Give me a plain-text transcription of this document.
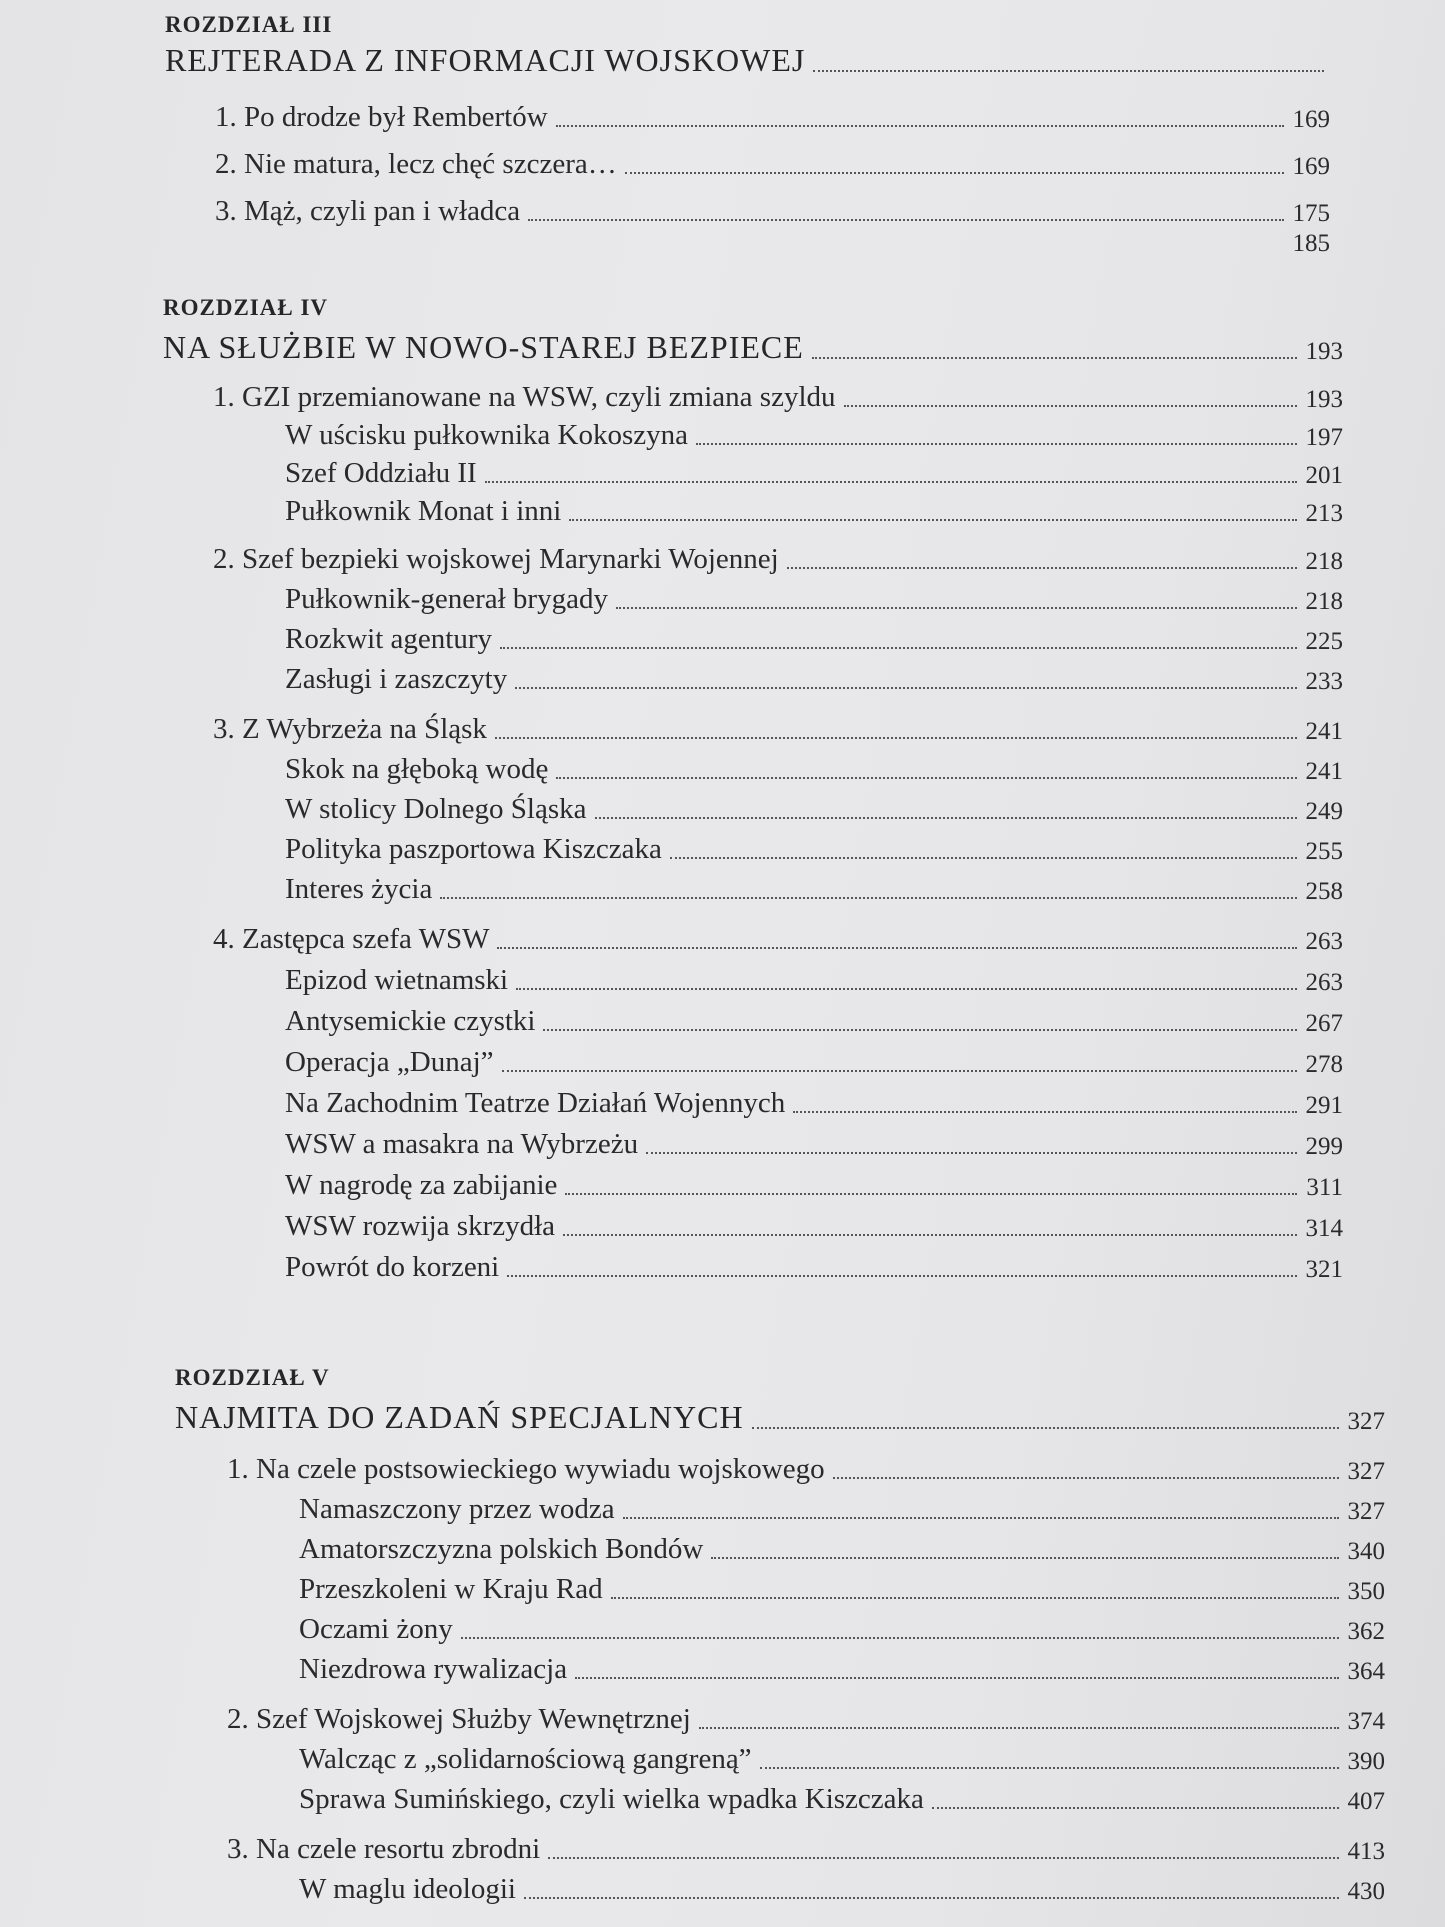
ROZDZIAŁ III
REJTERADA Z INFORMACJI WOJSKOWEJ
1. Po drodze był Rembertów	169
2. Nie matura, lecz chęć szczera…	169
3. Mąż, czyli pan i władca	175
185
ROZDZIAŁ IV
NA SŁUŻBIE W NOWO-STAREJ BEZPIECE	193
1. GZI przemianowane na WSW, czyli zmiana szyldu	193
W uścisku pułkownika Kokoszyna	197
Szef Oddziału II	201
Pułkownik Monat i inni	213
2. Szef bezpieki wojskowej Marynarki Wojennej	218
Pułkownik-generał brygady	218
Rozkwit agentury	225
Zasługi i zaszczyty	233
3. Z Wybrzeża na Śląsk	241
Skok na głęboką wodę	241
W stolicy Dolnego Śląska	249
Polityka paszportowa Kiszczaka	255
Interes życia	258
4. Zastępca szefa WSW	263
Epizod wietnamski	263
Antysemickie czystki	267
Operacja „Dunaj”	278
Na Zachodnim Teatrze Działań Wojennych	291
WSW a masakra na Wybrzeżu	299
W nagrodę za zabijanie	311
WSW rozwija skrzydła	314
Powrót do korzeni	321
ROZDZIAŁ V
NAJMITA DO ZADAŃ SPECJALNYCH	327
1. Na czele postsowieckiego wywiadu wojskowego	327
Namaszczony przez wodza	327
Amatorszczyzna polskich Bondów	340
Przeszkoleni w Kraju Rad	350
Oczami żony	362
Niezdrowa rywalizacja	364
2. Szef Wojskowej Służby Wewnętrznej	374
Walcząc z „solidarnościową gangreną”	390
Sprawa Sumińskiego, czyli wielka wpadka Kiszczaka	407
3. Na czele resortu zbrodni	413
W maglu ideologii	430
